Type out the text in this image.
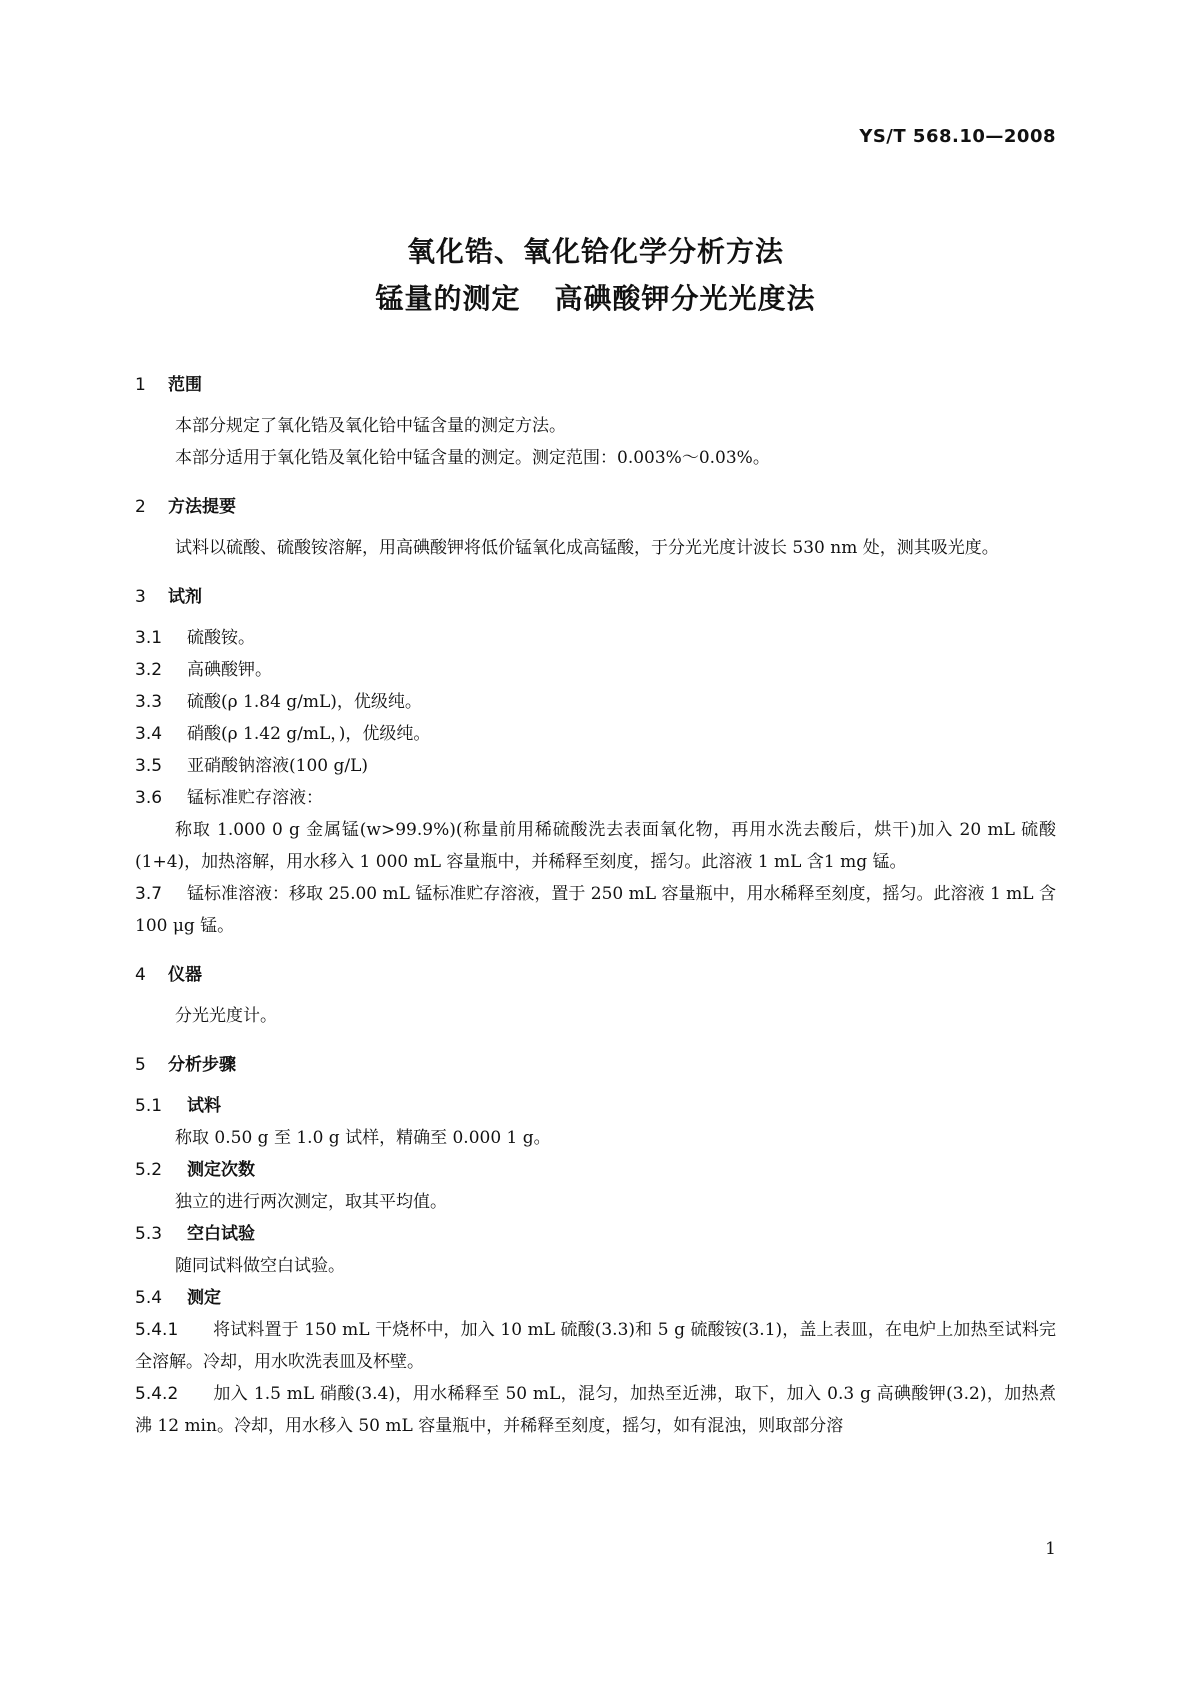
YS/T 568.10—2008
氧化锆、氧化铪化学分析方法
锰量的测定 高碘酸钾分光光度法
1 范围

本部分规定了氧化锆及氧化铪中锰含量的测定方法。

本部分适用于氧化锆及氧化铪中锰含量的测定。测定范围：0.003%～0.03%。

2 方法提要

试料以硫酸、硫酸铵溶解，用高碘酸钾将低价锰氧化成高锰酸，于分光光度计波长 530 nm 处，测其吸光度。

3 试剂

3.1 硫酸铵。

3.2 高碘酸钾。

3.3 硫酸(ρ 1.84 g/mL)，优级纯。

3.4 硝酸(ρ 1.42 g/mL，)，优级纯。

3.5 亚硝酸钠溶液(100 g/L)

3.6 锰标准贮存溶液：

称取 1.000 0 g 金属锰(w>99.9%)(称量前用稀硫酸洗去表面氧化物，再用水洗去酸后，烘干)加入 20 mL 硫酸(1+4)，加热溶解，用水移入 1 000 mL 容量瓶中，并稀释至刻度，摇匀。此溶液 1 mL 含1 mg 锰。

3.7 锰标准溶液：移取 25.00 mL 锰标准贮存溶液，置于 250 mL 容量瓶中，用水稀释至刻度，摇匀。此溶液 1 mL 含 100 μg 锰。

4 仪器

分光光度计。

5 分析步骤
5.1 试料

称取 0.50 g 至 1.0 g 试样，精确至 0.000 1 g。

5.2 测定次数

独立的进行两次测定，取其平均值。

5.3 空白试验

随同试料做空白试验。

5.4 测定

5.4.1 将试料置于 150 mL 干烧杯中，加入 10 mL 硫酸(3.3)和 5 g 硫酸铵(3.1)，盖上表皿，在电炉上加热至试料完全溶解。冷却，用水吹洗表皿及杯壁。

5.4.2 加入 1.5 mL 硝酸(3.4)，用水稀释至 50 mL，混匀，加热至近沸，取下，加入 0.3 g 高碘酸钾(3.2)，加热煮沸 12 min。冷却，用水移入 50 mL 容量瓶中，并稀释至刻度，摇匀，如有混浊，则取部分溶

1
